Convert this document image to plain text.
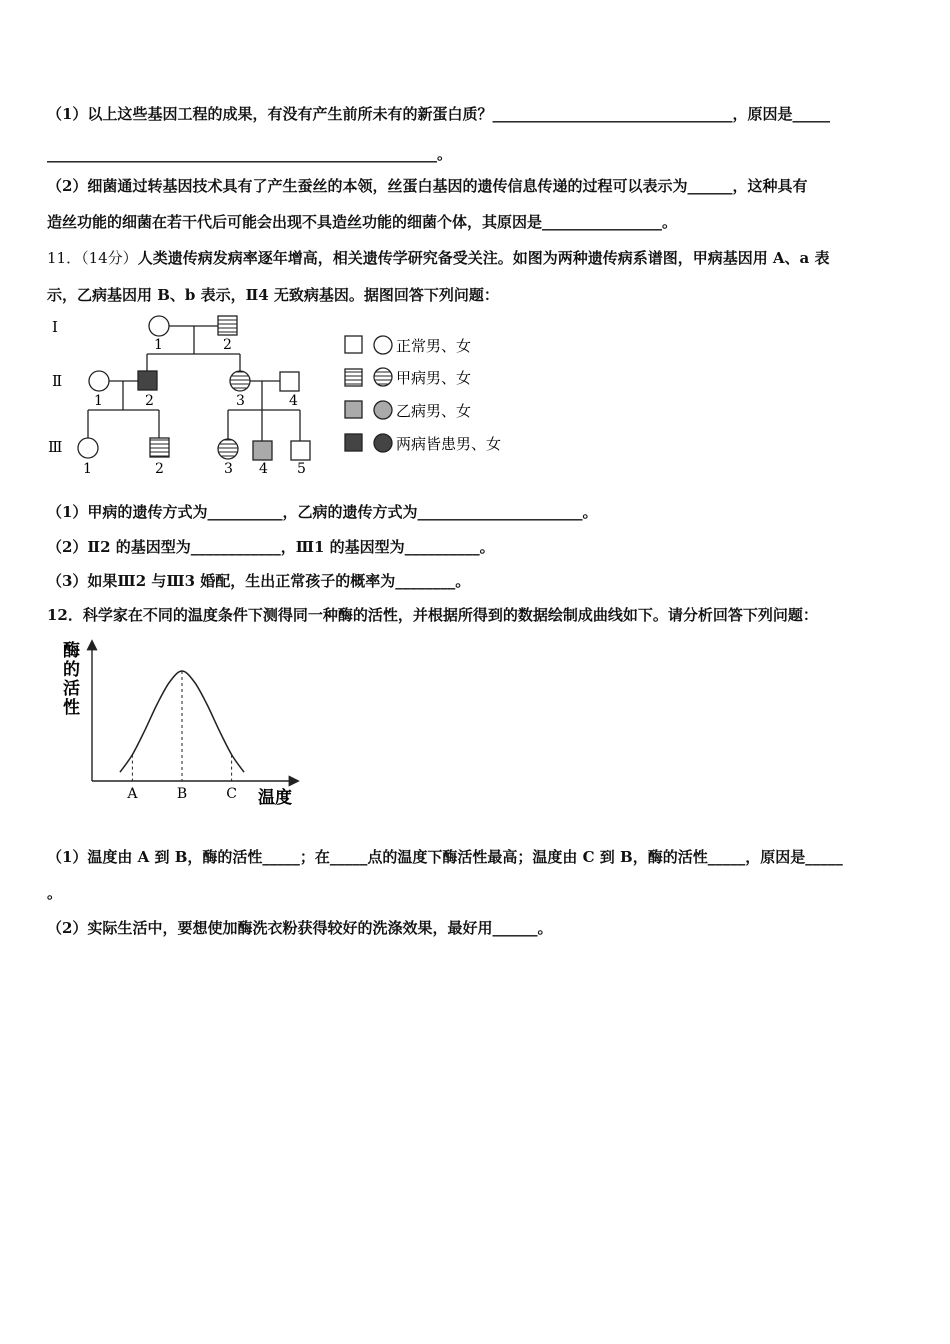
（1）以上这些基因工程的成果，有没有产生前所未有的新蛋白质？________________________________，原因是_____
____________________________________________________。
（2）细菌通过转基因技术具有了产生蚕丝的本领，丝蛋白基因的遗传信息传递的过程可以表示为______，这种具有
造丝功能的细菌在若干代后可能会出现不具造丝功能的细菌个体，其原因是________________。
11．（14分）人类遗传病发病率逐年增高，相关遗传学研究备受关注。如图为两种遗传病系谱图，甲病基因用 A、a 表
示，乙病基因用 B、b 表示，Ⅱ4 无致病基因。据图回答下列问题：
Ⅰ
Ⅱ
Ⅲ
1	2
1	2	3	4
1	2	3 4 5
正常男、女
甲病男、女
乙病男、女
两病皆患男、女
（1）甲病的遗传方式为__________，乙病的遗传方式为______________________。
（2）Ⅱ2 的基因型为____________，Ⅲ1 的基因型为__________。
（3）如果Ⅲ2 与Ⅲ3 婚配，生出正常孩子的概率为________。
12．科学家在不同的温度条件下测得同一种酶的活性，并根据所得到的数据绘制成曲线如下。请分析回答下列问题：
酶
的
活
性
A	B	C 温度
（1）温度由 A 到 B，酶的活性_____；在_____点的温度下酶活性最高；温度由 C 到 B，酶的活性_____，原因是_____
。
（2）实际生活中，要想使加酶洗衣粉获得较好的洗涤效果，最好用______。
